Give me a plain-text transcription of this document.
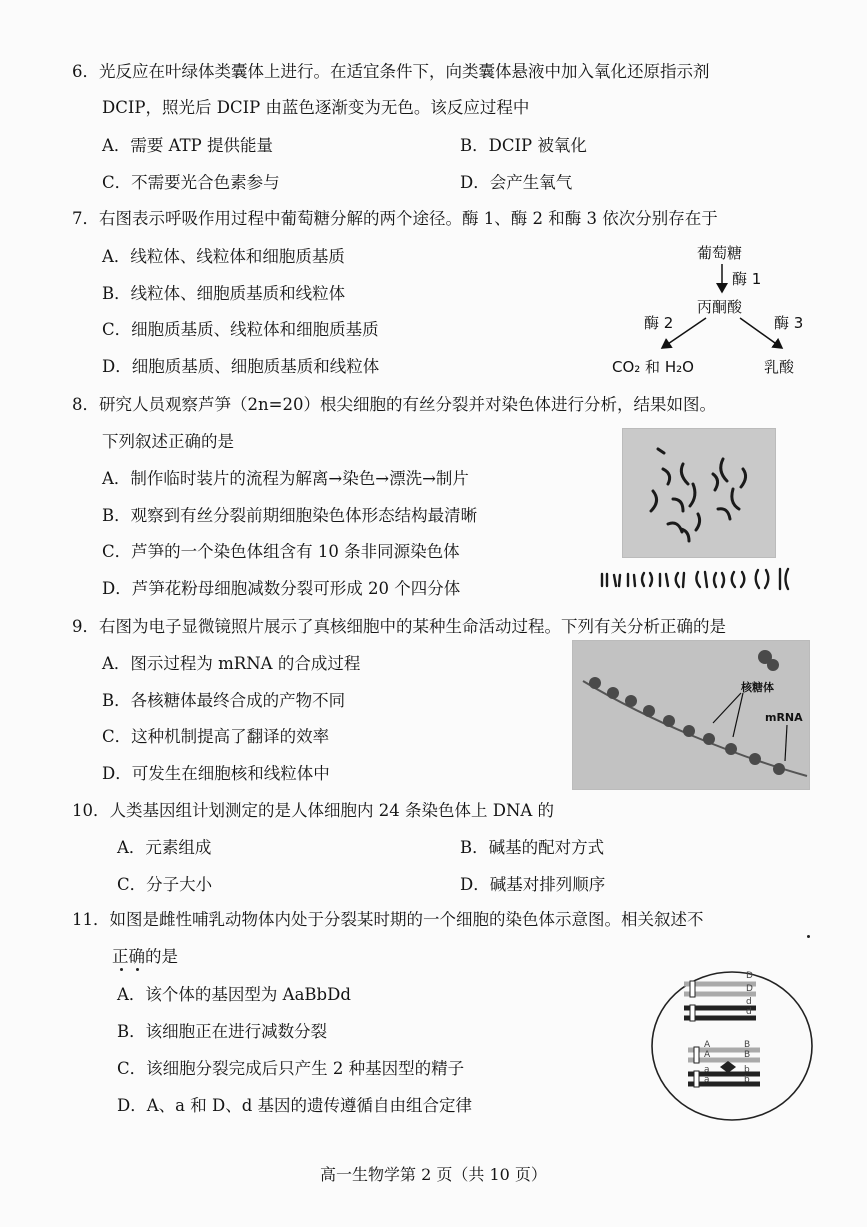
6．光反应在叶绿体类囊体上进行。在适宜条件下，向类囊体悬液中加入氧化还原指示剂
DCIP，照光后 DCIP 由蓝色逐渐变为无色。该反应过程中
A．需要 ATP 提供能量	B．DCIP 被氧化
C．不需要光合色素参与	D．会产生氧气
7．右图表示呼吸作用过程中葡萄糖分解的两个途径。酶 1、酶 2 和酶 3 依次分别存在于
A．线粒体、线粒体和细胞质基质
B．线粒体、细胞质基质和线粒体
C．细胞质基质、线粒体和细胞质基质
D．细胞质基质、细胞质基质和线粒体
葡萄糖
酶 1
丙酮酸
酶 2	酶 3
CO₂ 和 H₂O	乳酸
8．研究人员观察芦笋（2n=20）根尖细胞的有丝分裂并对染色体进行分析，结果如图。
下列叙述正确的是
A．制作临时装片的流程为解离→染色→漂洗→制片
B．观察到有丝分裂前期细胞染色体形态结构最清晰
C．芦笋的一个染色体组含有 10 条非同源染色体
D．芦笋花粉母细胞减数分裂可形成 20 个四分体
9．右图为电子显微镜照片展示了真核细胞中的某种生命活动过程。下列有关分析正确的是
A．图示过程为 mRNA 的合成过程
B．各核糖体最终合成的产物不同
C．这种机制提高了翻译的效率
D．可发生在细胞核和线粒体中
核糖体
mRNA
10．人类基因组计划测定的是人体细胞内 24 条染色体上 DNA 的
A．元素组成	B．碱基的配对方式
C．分子大小	D．碱基对排列顺序
11．如图是雌性哺乳动物体内处于分裂某时期的一个细胞的染色体示意图。相关叙述不
正确的是
A．该个体的基因型为 AaBbDd
B．该细胞正在进行减数分裂
C．该细胞分裂完成后只产生 2 种基因型的精子
D．A、a 和 D、d 基因的遗传遵循自由组合定律
D
D
d
d
A
A
a
a
B
B
b
b
高一生物学第 2 页（共 10 页）
